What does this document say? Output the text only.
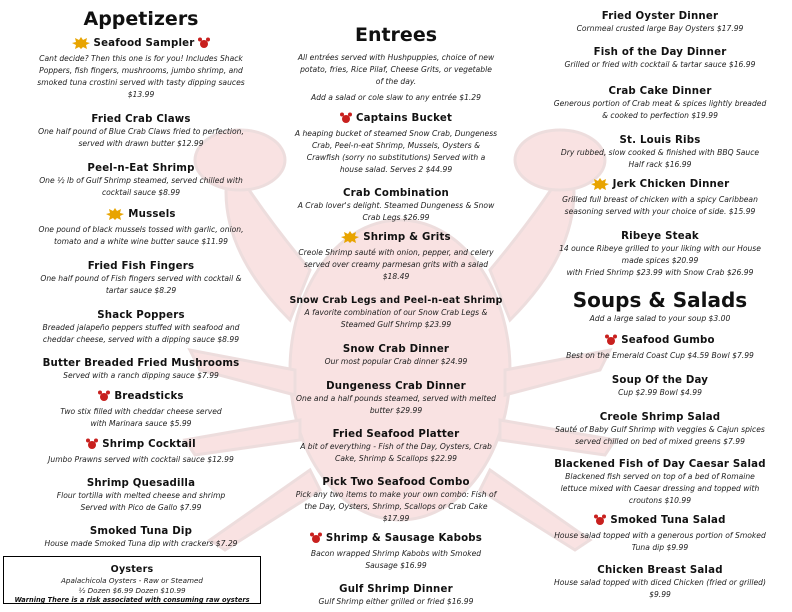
Appetizers
Seafood Sampler
Cant decide? Then this one is for you! Includes Shack
Poppers, fish fingers, mushrooms, jumbo shrimp, and
smoked tuna crostini served with tasty dipping sauces
$13.99
Fried Crab Claws
One half pound of Blue Crab Claws fried to perfection,
served with drawn butter $12.99
Peel-n-Eat Shrimp
One ½ lb of Gulf Shrimp steamed, served chilled with
cocktail sauce $8.99
Mussels
One pound of black mussels tossed with garlic, onion,
tomato and a white wine butter sauce $11.99
Fried Fish Fingers
One half pound of Fish fingers served with cocktail &
tartar sauce $8.29
Shack Poppers
Breaded jalapeño peppers stuffed with seafood and
cheddar cheese, served with a dipping sauce $8.99
Butter Breaded Fried Mushrooms
Served with a ranch dipping sauce $7.99
Breadsticks
Two stix filled with cheddar cheese served
with Marinara sauce $5.99
Shrimp Cocktail
Jumbo Prawns served with cocktail sauce $12.99
Shrimp Quesadilla
Flour tortilla with melted cheese and shrimp
Served with Pico de Gallo $7.99
Smoked Tuna Dip
House made Smoked Tuna dip with crackers $7.29
Oysters
Apalachicola Oysters - Raw or Steamed
½ Dozen $6.99 Dozen $10.99
Warning There is a risk associated with consuming raw oysters
Entrees
All entrées served with Hushpuppies, choice of new
potato, fries, Rice Pilaf, Cheese Grits, or vegetable
of the day.
Add a salad or cole slaw to any entrée $1.29
Captains Bucket
A heaping bucket of steamed Snow Crab, Dungeness
Crab, Peel-n-eat Shrimp, Mussels, Oysters &
Crawfish (sorry no substitutions) Served with a
house salad. Serves 2 $44.99
Crab Combination
A Crab lover's delight. Steamed Dungeness & Snow
Crab Legs $26.99
Shrimp & Grits
Creole Shrimp sauté with onion, pepper, and celery
served over creamy parmesan grits with a salad
$18.49
Snow Crab Legs and Peel-n-eat Shrimp
A favorite combination of our Snow Crab Legs &
Steamed Gulf Shrimp $23.99
Snow Crab Dinner
Our most popular Crab dinner $24.99
Dungeness Crab Dinner
One and a half pounds steamed, served with melted
butter $29.99
Fried Seafood Platter
A bit of everything - Fish of the Day, Oysters, Crab
Cake, Shrimp & Scallops $22.99
Pick Two Seafood Combo
Pick any two items to make your own combo: Fish of
the Day, Oysters, Shrimp, Scallops or Crab Cake
$17.99
Shrimp & Sausage Kabobs
Bacon wrapped Shrimp Kabobs with Smoked
Sausage $16.99
Gulf Shrimp Dinner
Gulf Shrimp either grilled or fried $16.99
Fried Oyster Dinner
Cornmeal crusted large Bay Oysters $17.99
Fish of the Day Dinner
Grilled or fried with cocktail & tartar sauce $16.99
Crab Cake Dinner
Generous portion of Crab meat & spices lightly breaded
& cooked to perfection $19.99
St. Louis Ribs
Dry rubbed, slow cooked & finished with BBQ Sauce
Half rack $16.99
Jerk Chicken Dinner
Grilled full breast of chicken with a spicy Caribbean
seasoning served with your choice of side. $15.99
Ribeye Steak
14 ounce Ribeye grilled to your liking with our House
made spices $20.99
with Fried Shrimp $23.99 with Snow Crab $26.99
Soups & Salads
Add a large salad to your soup $3.00
Seafood Gumbo
Best on the Emerald Coast Cup $4.59 Bowl $7.99
Soup Of the Day
Cup $2.99 Bowl $4.99
Creole Shrimp Salad
Sauté of Baby Gulf Shrimp with veggies & Cajun spices
served chilled on bed of mixed greens $7.99
Blackened Fish of Day Caesar Salad
Blackened fish served on top of a bed of Romaine
lettuce mixed with Caesar dressing and topped with
croutons $10.99
Smoked Tuna Salad
House salad topped with a generous portion of Smoked
Tuna dip $9.99
Chicken Breast Salad
House salad topped with diced Chicken (fried or grilled)
$9.99
